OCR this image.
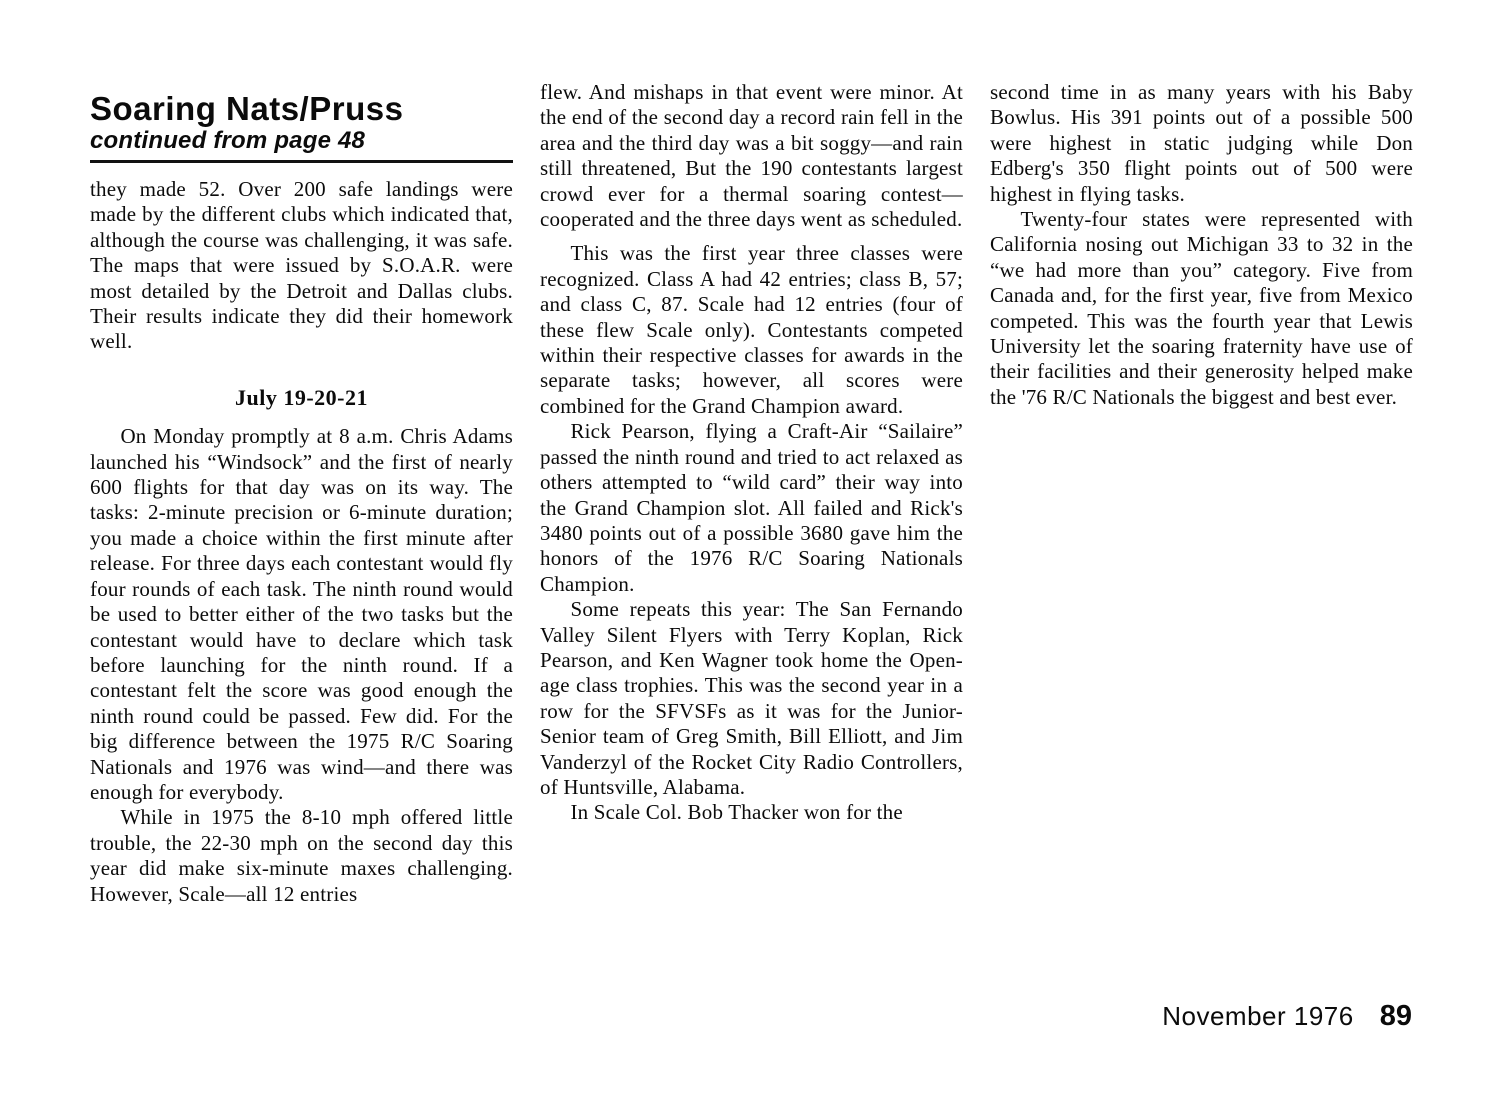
Soaring Nats/Pruss
continued from page 48

they made 52. Over 200 safe landings were made by the different clubs which indicated that, although the course was challenging, it was safe. The maps that were issued by S.O.A.R. were most detailed by the Detroit and Dallas clubs. Their results indicate they did their homework well.

July 19-20-21

On Monday promptly at 8 a.m. Chris Adams launched his “Windsock” and the first of nearly 600 flights for that day was on its way. The tasks: 2-minute precision or 6-minute duration; you made a choice within the first minute after release. For three days each contestant would fly four rounds of each task. The ninth round would be used to better either of the two tasks but the contestant would have to declare which task before launching for the ninth round. If a contestant felt the score was good enough the ninth round could be passed. Few did. For the big difference between the 1975 R/C Soaring Nationals and 1976 was wind—and there was enough for everybody.

While in 1975 the 8-10 mph offered little trouble, the 22-30 mph on the second day this year did make six-minute maxes challenging. However, Scale—all 12 entries

flew. And mishaps in that event were minor. At the end of the second day a record rain fell in the area and the third day was a bit soggy—and rain still threatened, But the 190 contestants largest crowd ever for a thermal soaring contest—cooperated and the three days went as scheduled.

This was the first year three classes were recognized. Class A had 42 entries; class B, 57; and class C, 87. Scale had 12 entries (four of these flew Scale only). Contestants competed within their respective classes for awards in the separate tasks; however, all scores were combined for the Grand Champion award.

Rick Pearson, flying a Craft-Air “Sailaire” passed the ninth round and tried to act relaxed as others attempted to “wild card” their way into the Grand Champion slot. All failed and Rick's 3480 points out of a possible 3680 gave him the honors of the 1976 R/C Soaring Nationals Champion.

Some repeats this year: The San Fernando Valley Silent Flyers with Terry Koplan, Rick Pearson, and Ken Wagner took home the Open-age class trophies. This was the second year in a row for the SFVSFs as it was for the Junior-Senior team of Greg Smith, Bill Elliott, and Jim Vanderzyl of the Rocket City Radio Controllers, of Huntsville, Alabama.

In Scale Col. Bob Thacker won for the

second time in as many years with his Baby Bowlus. His 391 points out of a possible 500 were highest in static judging while Don Edberg's 350 flight points out of 500 were highest in flying tasks.

Twenty-four states were represented with California nosing out Michigan 33 to 32 in the “we had more than you” category. Five from Canada and, for the first year, five from Mexico competed. This was the fourth year that Lewis University let the soaring fraternity have use of their facilities and their generosity helped make the '76 R/C Nationals the biggest and best ever.

November 1976 89
